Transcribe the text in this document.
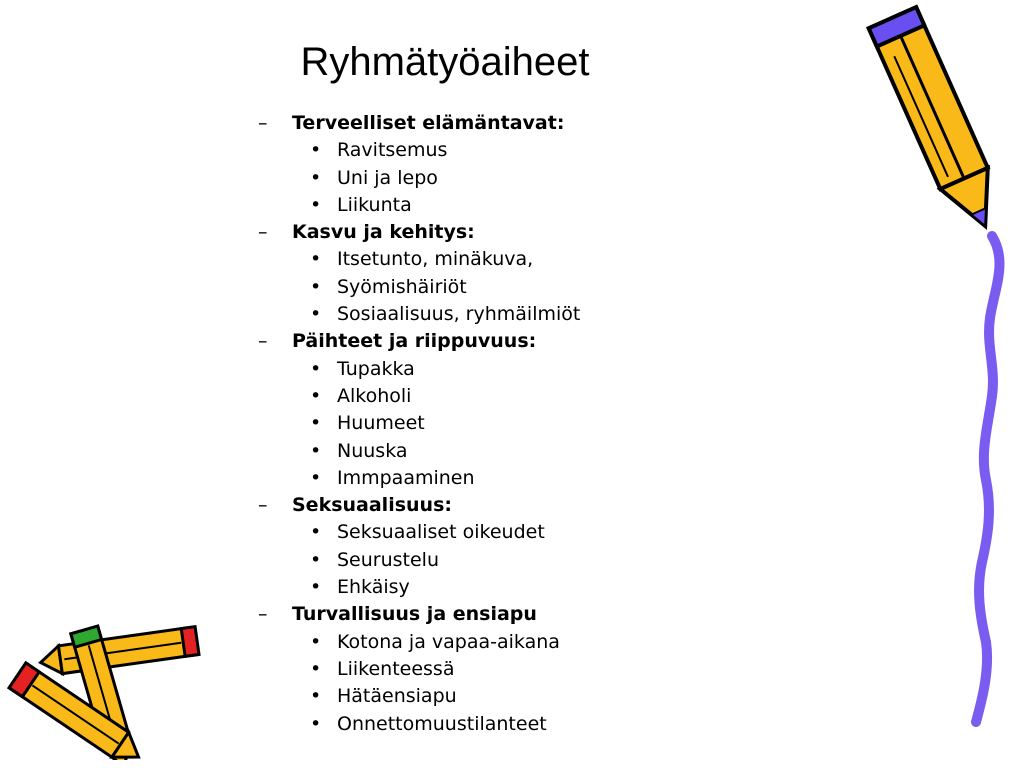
Ryhmätyöaiheet
– Terveelliset elämäntavat:
• Ravitsemus
• Uni ja lepo
• Liikunta
– Kasvu ja kehitys:
• Itsetunto, minäkuva,
• Syömishäiriöt
• Sosiaalisuus, ryhmäilmiöt
– Päihteet ja riippuvuus:
• Tupakka
• Alkoholi
• Huumeet
• Nuuska
• Immpaaminen
– Seksuaalisuus:
• Seksuaaliset oikeudet
• Seurustelu
• Ehkäisy
– Turvallisuus ja ensiapu
• Kotona ja vapaa-aikana
• Liikenteessä
• Hätäensiapu
• Onnettomuustilanteet
